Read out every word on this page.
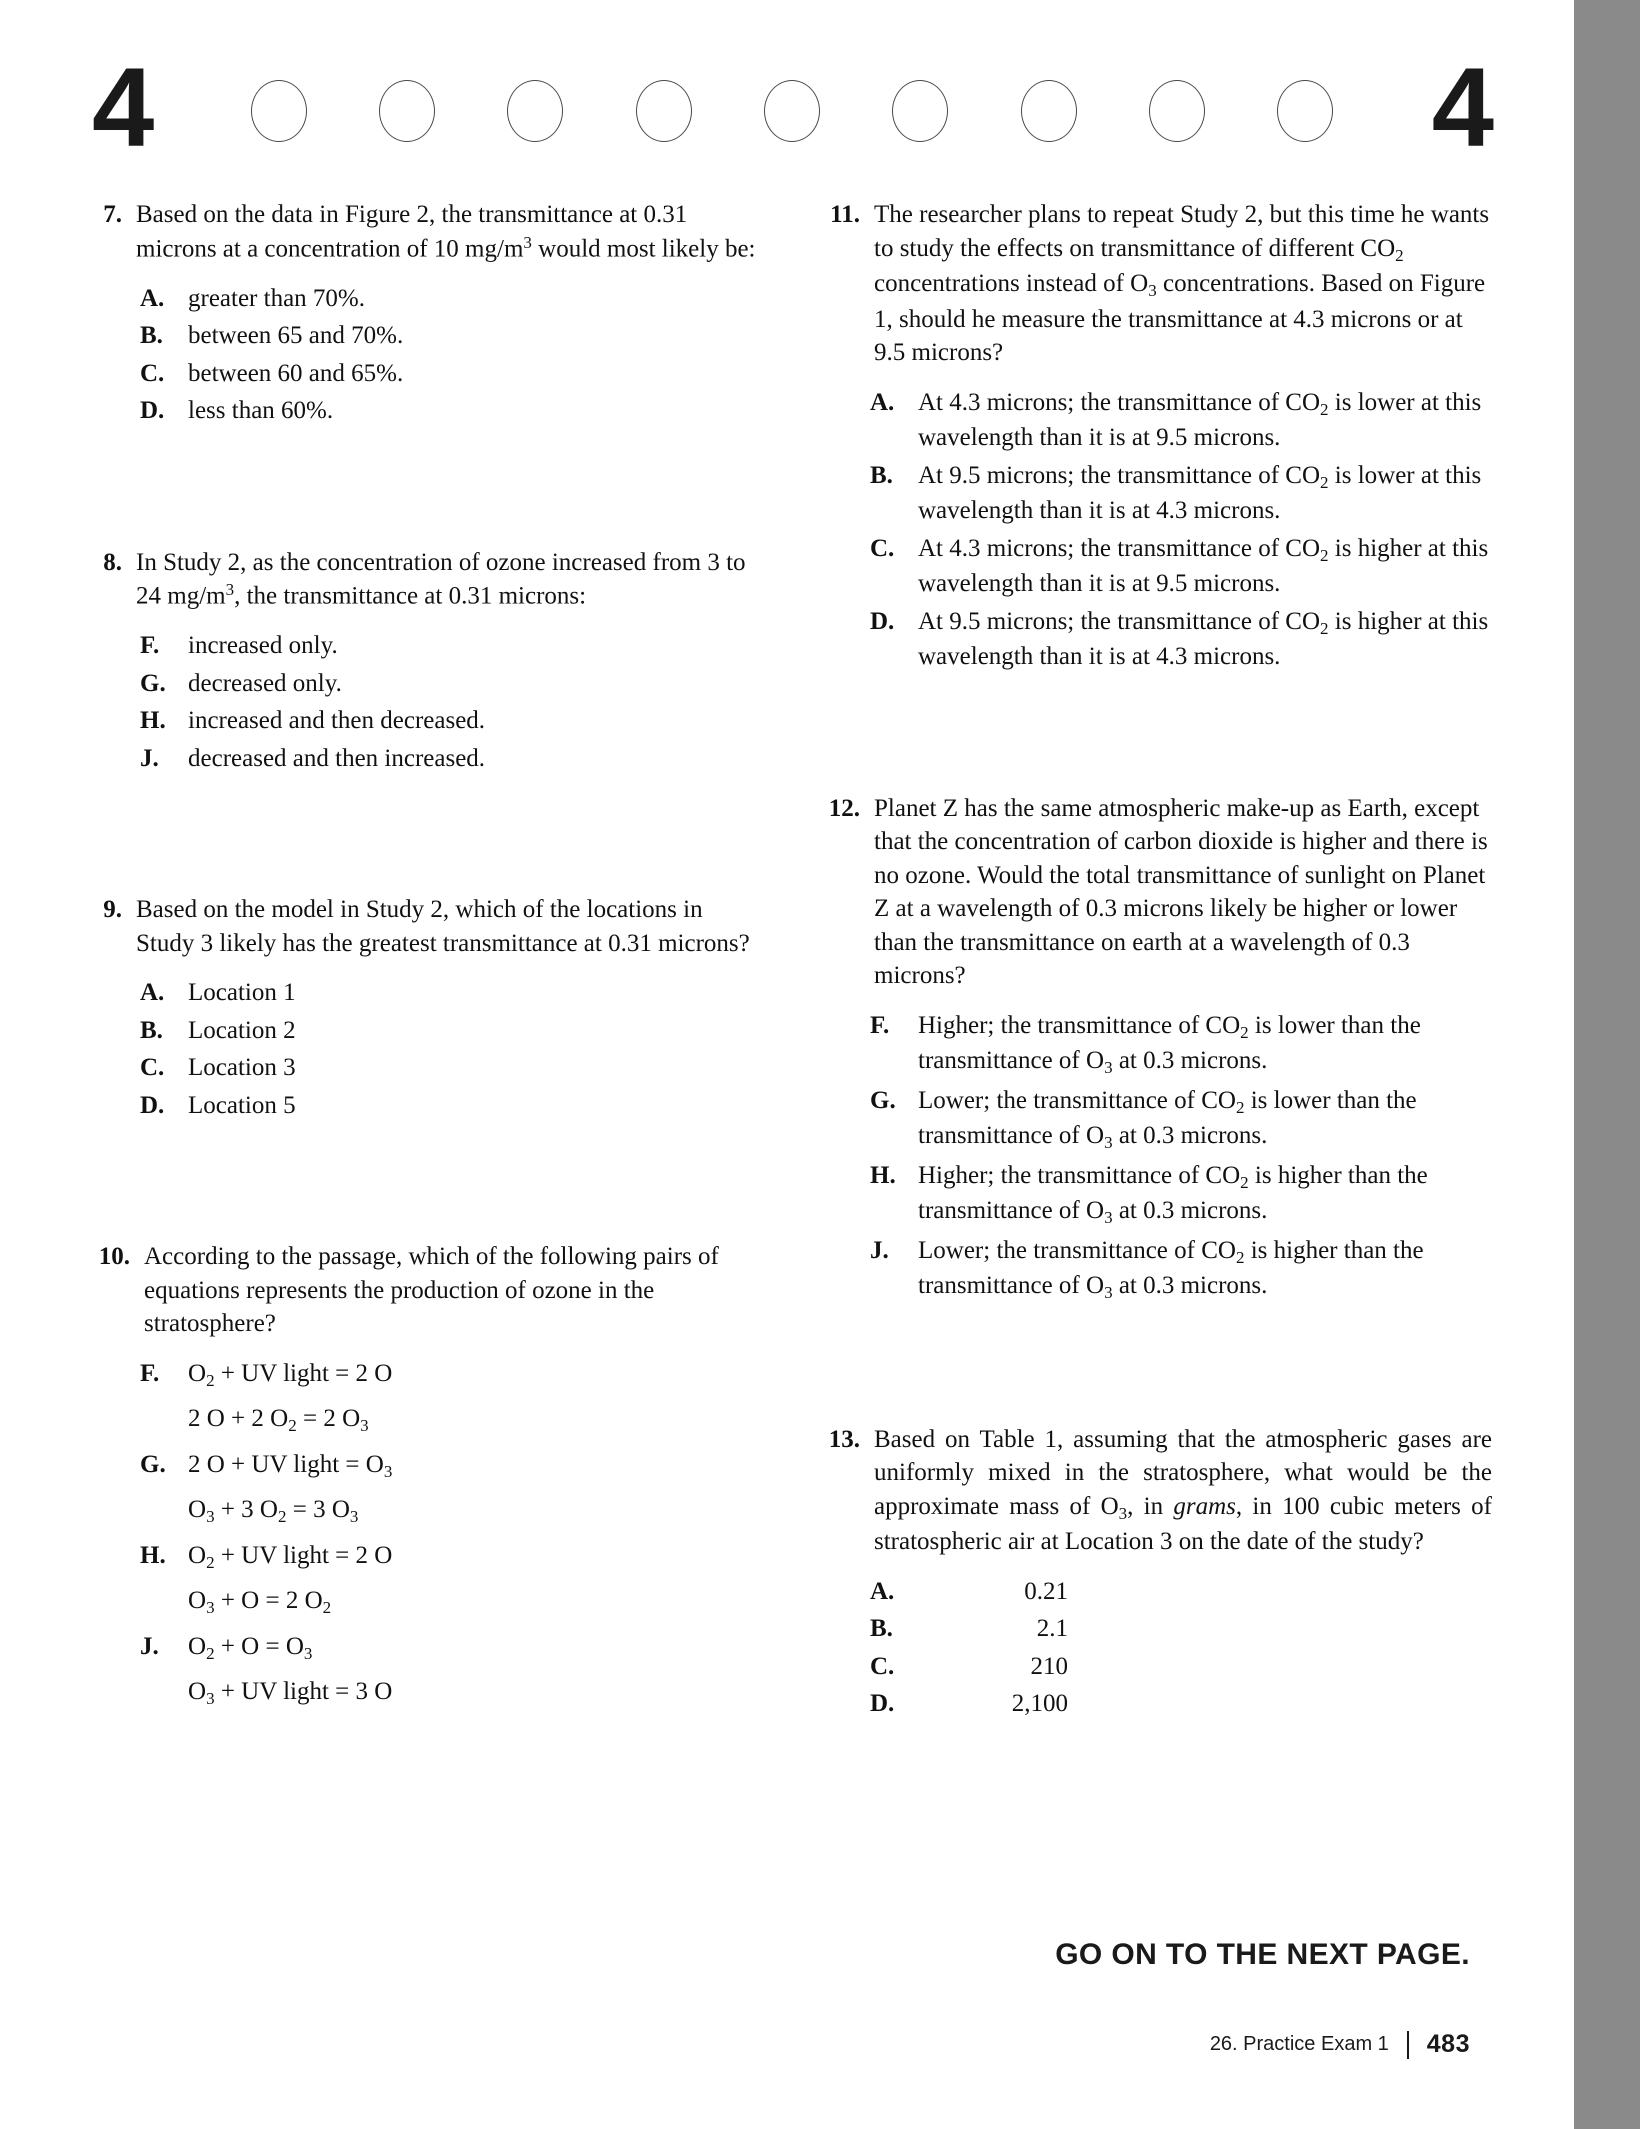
4	4
7. Based on the data in Figure 2, the transmittance at 0.31 microns at a concentration of 10 $mg/m^3$ would most likely be:
A. greater than 70%.
B.	between 65 and 70%.
C. between 60 and 65%.
D. less than 60%.
8. In Study 2, as the concentration of ozone increased from 3 to 24 $mg/m^3$, the transmittance at 0.31 microns:
F.	increased only.
G. decreased only.
H. increased and then decreased.
J.	decreased and then increased.
9. Based on the model in Study 2, which of the locations in Study 3 likely has the greatest transmittance at 0.31 microns?
A. Location 1
B.	Location 2
C. Location 3
D. Location 5
10. According to the passage, which of the following pairs of equations represents the production of ozone in the stratosphere?
F.	$O_2$ + UV light = 2 O
2 O + 2 $O_2 = 2$ $O_3$
G. 2 O + UV light = $O_3$
$O_3 + 3$ $O_2 = 3$ $O_3$
H. $O_2$ + UV light = 2 O
$O_3 + O = 2$ $O_2$
J.	$O_2 + O = O_3$
$O_3$ + UV light = 3 O
11. The researcher plans to repeat Study 2, but this time he wants to study the effects on transmittance of different $CO_2$ concentrations instead of $O_3$ concentrations. Based on Figure 1, should he measure the transmittance at 4.3 microns or at 9.5 microns?
A. At 4.3 microns; the transmittance of $CO_2$ is lower at this wavelength than it is at 9.5 microns.
B.	At 9.5 microns; the transmittance of $CO_2$ is lower at this wavelength than it is at 4.3 microns.
C. At 4.3 microns; the transmittance of $CO_2$ is higher at this wavelength than it is at 9.5 microns.
D. At 9.5 microns; the transmittance of $CO_2$ is higher at this wavelength than it is at 4.3 microns.
12. Planet Z has the same atmospheric make-up as Earth, except that the concentration of carbon dioxide is higher and there is no ozone. Would the total transmittance of sunlight on Planet Z at a wavelength of 0.3 microns likely be higher or lower than the transmittance on earth at a wavelength of 0.3 microns?
F.	Higher; the transmittance of $CO_2$ is lower than the transmittance of $O_3$ at 0.3 microns.
G. Lower; the transmittance of $CO_2$ is lower than the transmittance of $O_3$ at 0.3 microns.
H. Higher; the transmittance of $CO_2$ is higher than the transmittance of $O_3$ at 0.3 microns.
J.	Lower; the transmittance of $CO_2$ is higher than the transmittance of $O_3$ at 0.3 microns.
13. Based on Table 1, assuming that the atmospheric gases are uniformly mixed in the stratosphere, what would be the approximate mass of $O_3$, in grams, in 100 cubic meters of stratospheric air at Location 3 on the date of the study?
A.	0.21
B.	2.1
C.	210
D.	2,100
GO ON TO THE NEXT PAGE.
26. Practice Exam 1 483
